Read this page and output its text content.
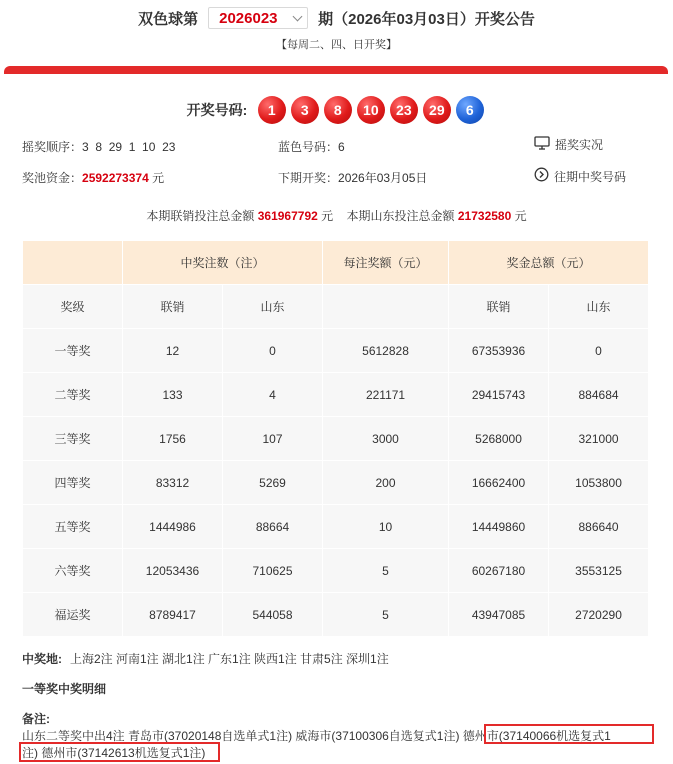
双色球第 2026023	期（2026年03月03日）开奖公告
【每周二、四、日开奖】
开奖号码:	1	3	8	10	23	29	6
摇奖顺序：3  8  29  1  10  23	蓝色号码：6	摇奖实况
奖池资金：2592273374 元	下期开奖：2026年03月05日	往期中奖号码
本期联销投注总金额 361967792 元 本期山东投注总金额 21732580 元
	中奖注数（注）		每注奖额（元）	奖金总额（元）	
奖级	联销	山东		联销	山东
一等奖	12	0	5612828	67353936	0
二等奖	133	4	221171	29415743	884684
三等奖	1756	107	3000	5268000	321000
四等奖	83312	5269	200	16662400	1053800
五等奖	1444986	88664	10	14449860	886640
六等奖	12053436	710625	5	60267180	3553125
福运奖	8789417	544058	5	43947085	2720290
中奖地: 上海2注 河南1注 湖北1注 广东1注 陕西1注 甘肃5注 深圳1注
一等奖中奖明细
备注:
山东二等奖中出4注 青岛市(37020148自选单式1注) 威海市(37100306自选复式1注) 德州市(37140066机选复式1
注) 德州市(37142613机选复式1注)
